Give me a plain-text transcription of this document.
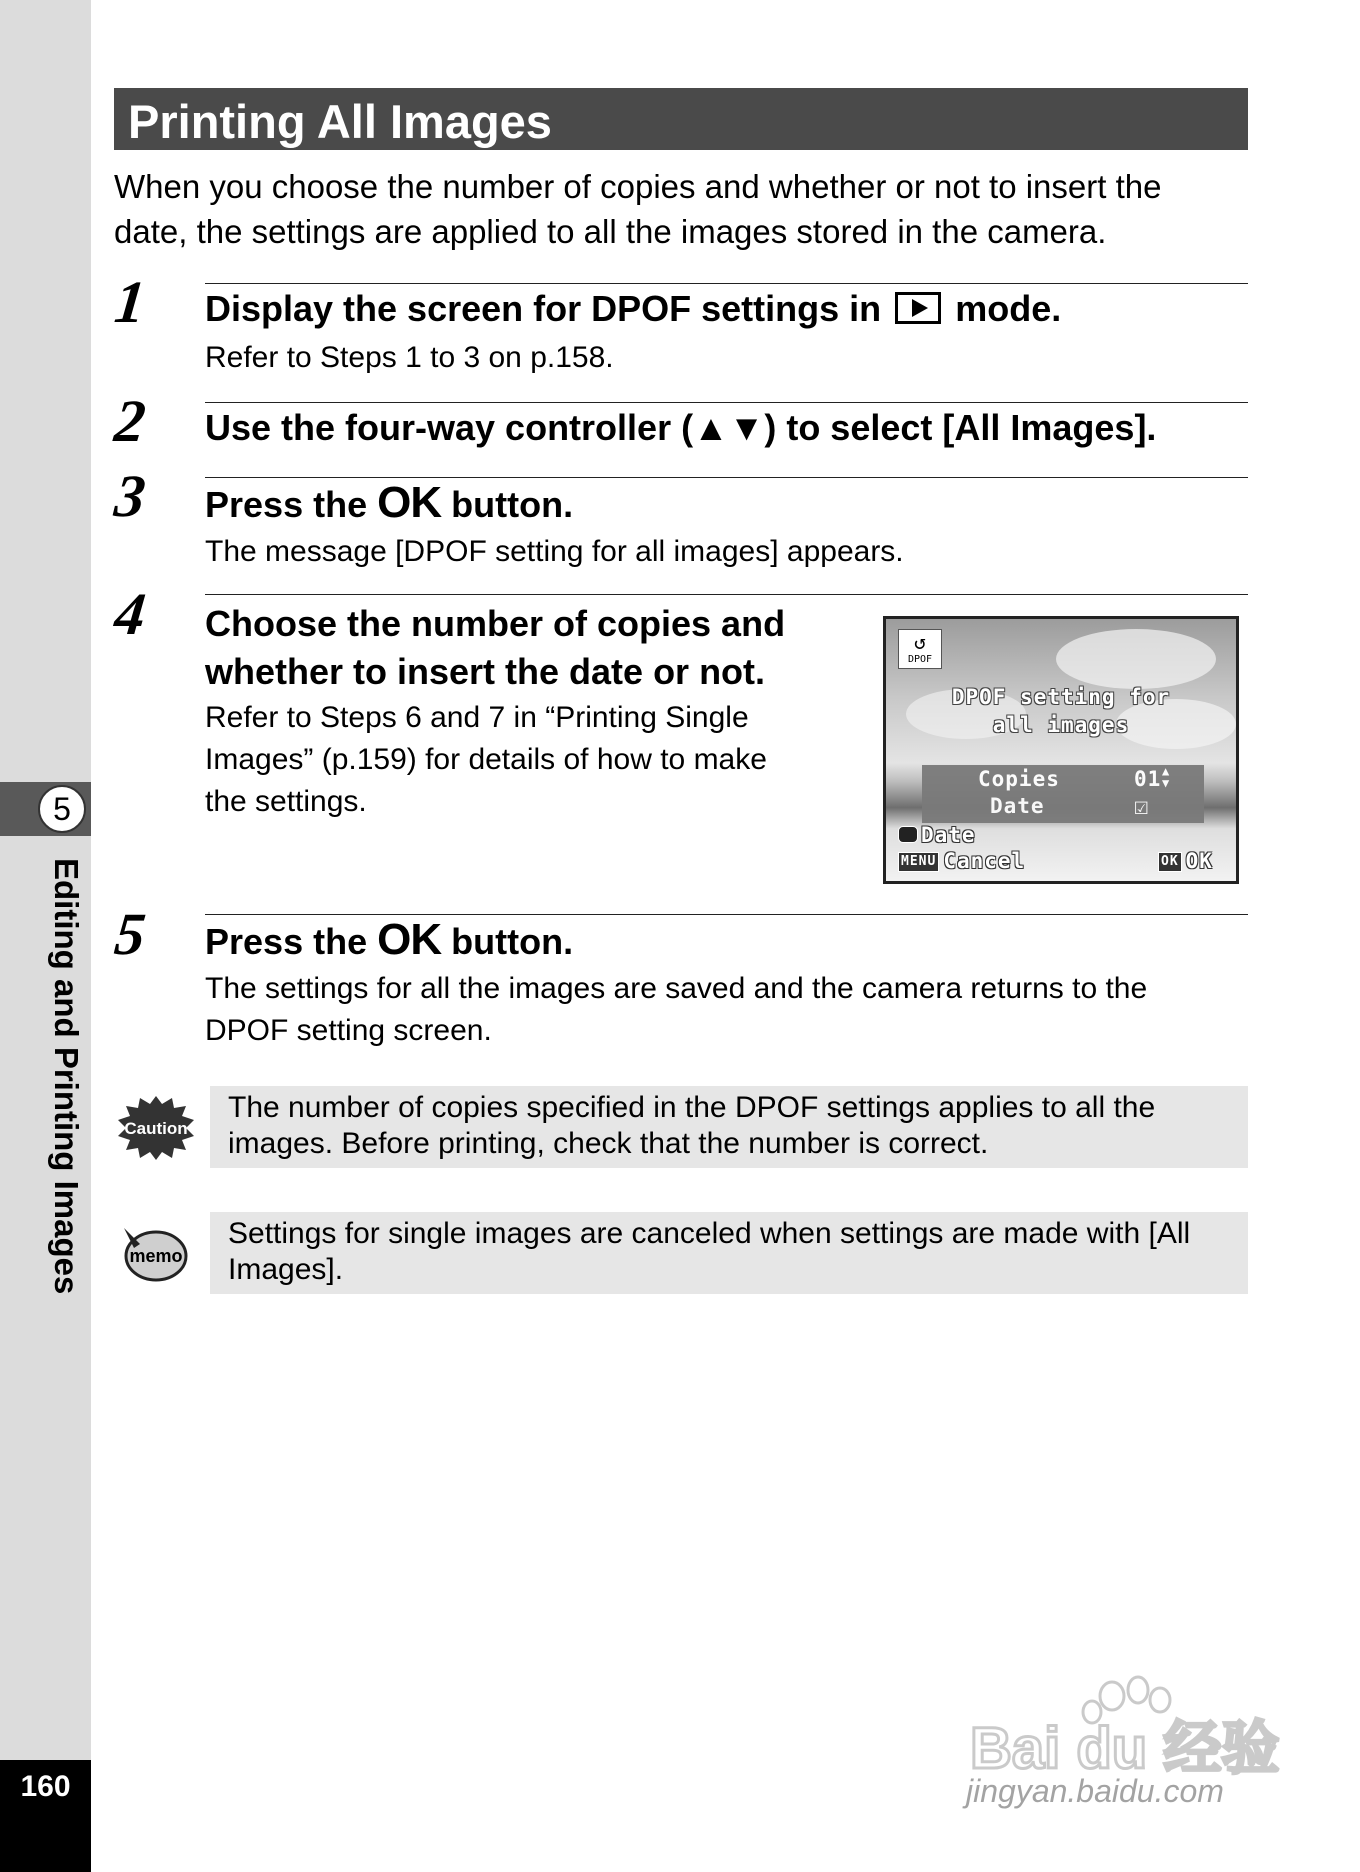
5
Editing and Printing Images
160
Printing All Images
When you choose the number of copies and whether or not to insert the
date, the settings are applied to all the images stored in the camera.
1 Display the screen for DPOF settings in mode.
Refer to Steps 1 to 3 on p.158.
2 Use the four-way controller (▲▼) to select [All Images].
3 Press the OK button.
The message [DPOF setting for all images] appears.
4 Choose the number of copies and
whether to insert the date or not.
Refer to Steps 6 and 7 in “Printing Single
Images” (p.159) for details of how to make
the settings.
↺
DPOF
DPOF setting for
all images
Copies	01 ▲
▼
Date	☑
Date
MENU Cancel	OK OK
5 Press the OK button.
The settings for all the images are saved and the camera returns to the
DPOF setting screen.
Caution
The number of copies specified in the DPOF settings applies to all the
images. Before printing, check that the number is correct.
memo
Settings for single images are canceled when settings are made with [All
Images].
Bai du 经验
jingyan.baidu.com
